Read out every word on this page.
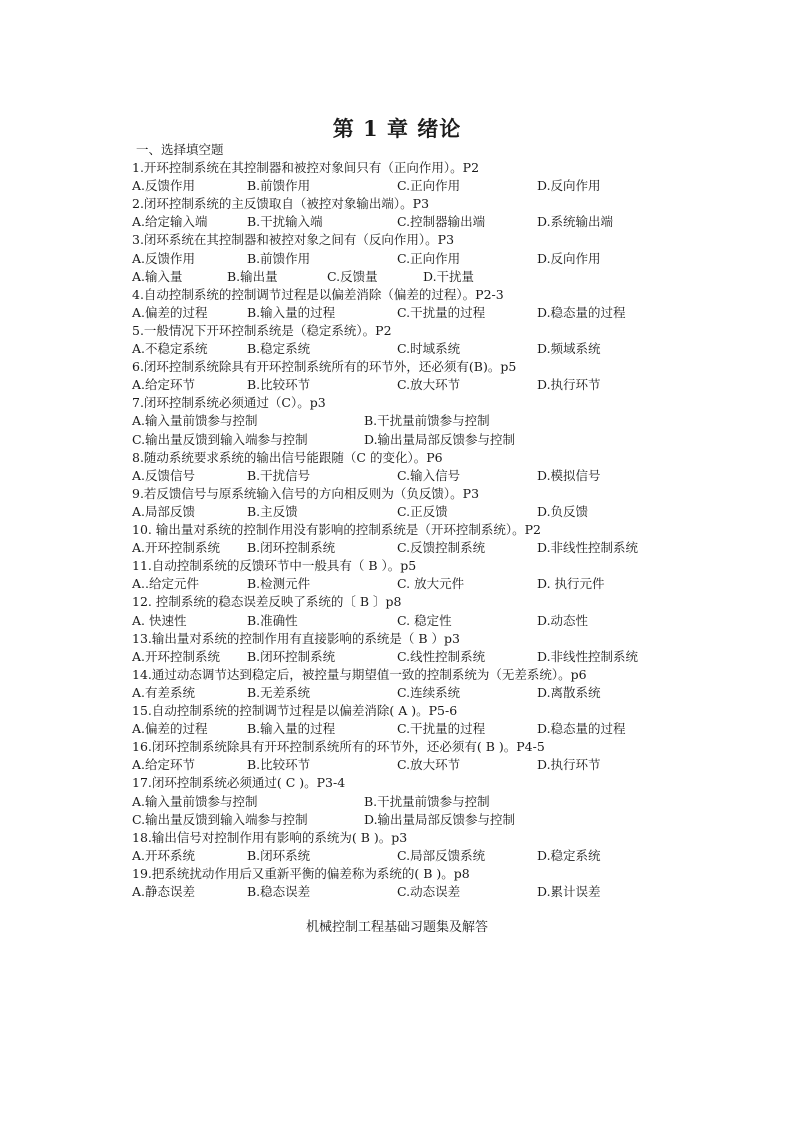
第 1 章 绪论
一、选择填空题
1.开环控制系统在其控制器和被控对象间只有（正向作用）。P2
A.反馈作用	B.前馈作用	C.正向作用	D.反向作用
2.闭环控制系统的主反馈取自（被控对象输出端）。P3
A.给定输入端	B.干扰输入端	C.控制器输出端	D.系统输出端
3.闭环系统在其控制器和被控对象之间有（反向作用）。P3
A.反馈作用	B.前馈作用	C.正向作用	D.反向作用
A.输入量	B.输出量	C.反馈量	D.干扰量
4.自动控制系统的控制调节过程是以偏差消除（偏差的过程）。P2-3
A.偏差的过程	B.输入量的过程	C.干扰量的过程	D.稳态量的过程
5.一般情况下开环控制系统是（稳定系统）。P2
A.不稳定系统	B.稳定系统	C.时域系统	D.频域系统
6.闭环控制系统除具有开环控制系统所有的环节外，还必须有(B)。p5
A.给定环节	B.比较环节	C.放大环节	D.执行环节
7.闭环控制系统必须通过（C）。p3
A.输入量前馈参与控制	B.干扰量前馈参与控制
C.输出量反馈到输入端参与控制	D.输出量局部反馈参与控制
8.随动系统要求系统的输出信号能跟随（C 的变化）。P6
A.反馈信号	B.干扰信号	C.输入信号	D.模拟信号
9.若反馈信号与原系统输入信号的方向相反则为（负反馈）。P3
A.局部反馈	B.主反馈	C.正反馈	D.负反馈
10. 输出量对系统的控制作用没有影响的控制系统是（开环控制系统）。P2
A.开环控制系统 B.闭环控制系统	C.反馈控制系统	D.非线性控制系统
11.自动控制系统的反馈环节中一般具有（ B ）。p5
A..给定元件	B.检测元件	C. 放大元件	D. 执行元件
12. 控制系统的稳态误差反映了系统的〔 B 〕p8
A. 快速性	B.准确性	C. 稳定性	D.动态性
13.输出量对系统的控制作用有直接影响的系统是（ B ）p3
A.开环控制系统 B.闭环控制系统	C.线性控制系统	D.非线性控制系统
14.通过动态调节达到稳定后，被控量与期望值一致的控制系统为（无差系统）。p6
A.有差系统	B.无差系统	C.连续系统	D.离散系统
15.自动控制系统的控制调节过程是以偏差消除( A )。P5-6
A.偏差的过程	B.输入量的过程	C.干扰量的过程	D.稳态量的过程
16.闭环控制系统除具有开环控制系统所有的环节外，还必须有( B )。P4-5
A.给定环节	B.比较环节	C.放大环节	D.执行环节
17.闭环控制系统必须通过( C )。P3-4
A.输入量前馈参与控制	B.干扰量前馈参与控制
C.输出量反馈到输入端参与控制	D.输出量局部反馈参与控制
18.输出信号对控制作用有影响的系统为( B )。p3
A.开环系统	B.闭环系统	C.局部反馈系统	D.稳定系统
19.把系统扰动作用后又重新平衡的偏差称为系统的( B )。p8
A.静态误差	B.稳态误差	C.动态误差	D.累计误差
机械控制工程基础习题集及解答
